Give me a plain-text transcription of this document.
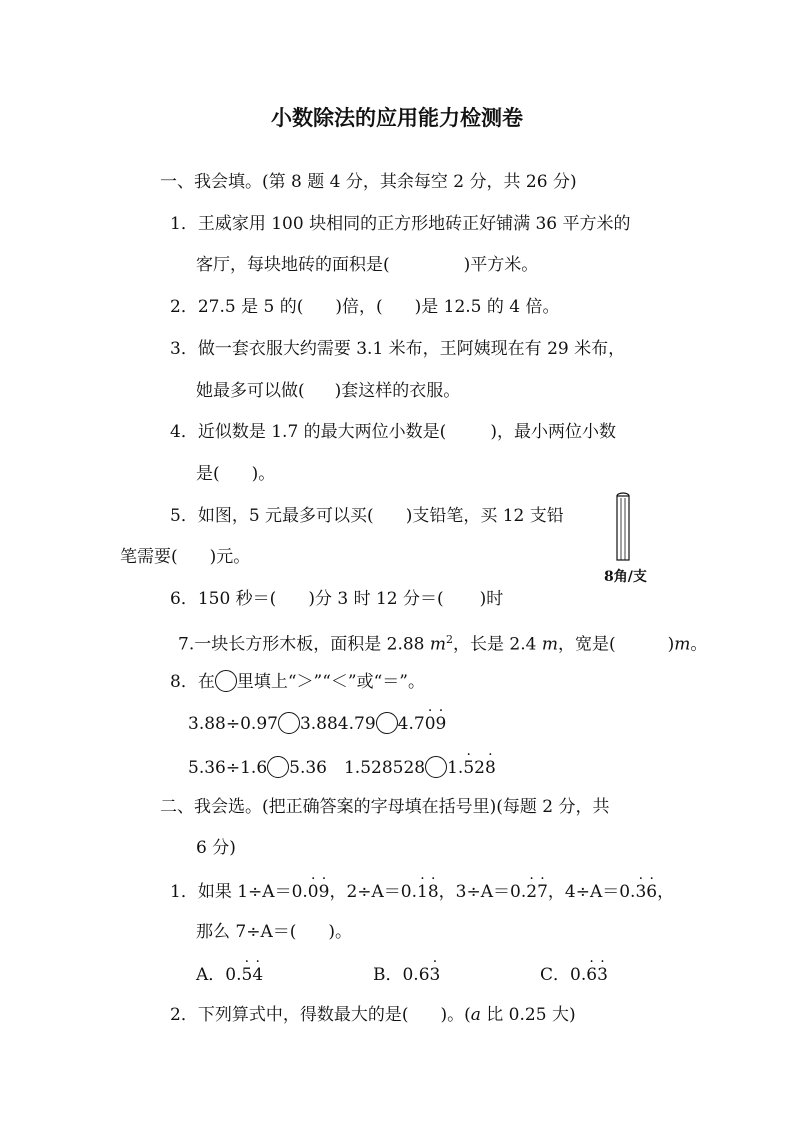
小数除法的应用能力检测卷
一、我会填。(第 8 题 4 分，其余每空 2 分，共 26 分)
1．王威家用 100 块相同的正方形地砖正好铺满 36 平方米的
客厅，每块地砖的面积是(	)平方米。
2．27.5 是 5 的( )倍，( )是 12.5 的 4 倍。
3．做一套衣服大约需要 3.1 米布，王阿姨现在有 29 米布，
她最多可以做( )套这样的衣服。
4．近似数是 1.7 的最大两位小数是(	)，最小两位小数
是( )。
5．如图，5 元最多可以买( )支铅笔，买 12 支铅
笔需要( )元。
8角/支
6．150 秒＝( )分 3 时 12 分＝( )时
7.一块长方形木板，面积是 2.88 $m^2$，长是 2.4 m，宽是(	)m。
8．在 里填上“＞”“＜”或“＝”。
3.88÷0.97 3.884.79 4.70 ·9 ·
5.36÷1.6 5.36　1.528528 1.5 ·28 ·
二、我会选。(把正确答案的字母填在括号里)(每题 2 分，共
6 分)
1．如果 1÷A＝0.0 ·9 ·，2÷A＝0.1 ·8 ·，3÷A＝0.2 ·7 ·，4÷A＝0.3 ·6 ·，
那么 7÷A＝( )。
A．0.5 ·4 ·	B．0.63 ·	C．0.6 ·3 ·
2．下列算式中，得数最大的是( )。(a 比 0.25 大)
